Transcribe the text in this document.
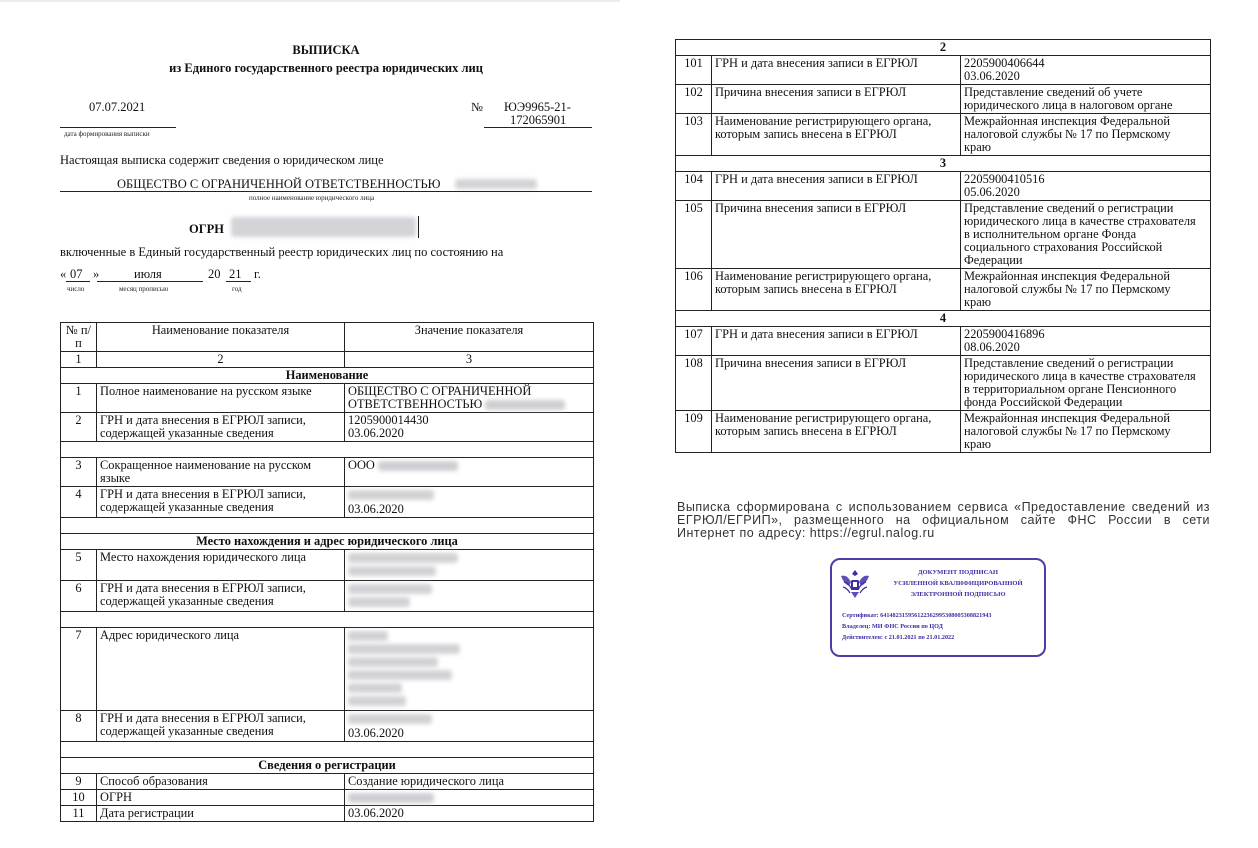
ВЫПИСКА
из Единого государственного реестра юридических лиц
07.07.2021
дата формирования выписки
№ ЮЭ9965-21-
172065901
Настоящая выписка содержит сведения о юридическом лице
ОБЩЕСТВО С ОГРАНИЧЕННОЙ ОТВЕТСТВЕННОСТЬЮ
полное наименование юридического лица
ОГРН
включенные в Единый государственный реестр юридических лиц по состоянию на
« 07 »	июля	20 21 г.
число	месяц прописью	год
№ п/п	Наименование показателя	Значение показателя
1	2	3
Наименование		
1	Полное наименование на русском языке	ОБЩЕСТВО С ОГРАНИЧЕННОЙ
ОТВЕТСТВЕННОСТЬЮ
2	ГРН и дата внесения в ЕГРЮЛ записи,
содержащей указанные сведения	1205900014430
03.06.2020

3	Сокращенное наименование на русском
языке	ООО
4	ГРН и дата внесения в ЕГРЮЛ записи,
содержащей указанные сведения	03.06.2020

Место нахождения и адрес юридического лица		
5	Место нахождения юридического лица	

6	ГРН и дата внесения в ЕГРЮЛ записи,
содержащей указанные сведения	

7	Адрес юридического лица	

8	ГРН и дата внесения в ЕГРЮЛ записи,
содержащей указанные сведения	03.06.2020

Сведения о регистрации		
9	Способ образования	Создание юридического лица
10	ОГРН	
11	Дата регистрации	03.06.2020
2		
101	ГРН и дата внесения записи в ЕГРЮЛ	2205900406644
03.06.2020
102	Причина внесения записи в ЕГРЮЛ	Представление сведений об учете
юридического лица в налоговом органе
103	Наименование регистрирующего органа,
которым запись внесена в ЕГРЮЛ	Межрайонная инспекция Федеральной
налоговой службы № 17 по Пермскому
краю
3		
104	ГРН и дата внесения записи в ЕГРЮЛ	2205900410516
05.06.2020
105	Причина внесения записи в ЕГРЮЛ	Представление сведений о регистрации
юридического лица в качестве страхователя
в исполнительном органе Фонда
социального страхования Российской
Федерации
106	Наименование регистрирующего органа,
которым запись внесена в ЕГРЮЛ	Межрайонная инспекция Федеральной
налоговой службы № 17 по Пермскому
краю
4		
107	ГРН и дата внесения записи в ЕГРЮЛ	2205900416896
08.06.2020
108	Причина внесения записи в ЕГРЮЛ	Представление сведений о регистрации
юридического лица в качестве страхователя
в территориальном органе Пенсионного
фонда Российской Федерации
109	Наименование регистрирующего органа,
которым запись внесена в ЕГРЮЛ	Межрайонная инспекция Федеральной
налоговой службы № 17 по Пермскому
краю
Выписка сформирована с использованием сервиса «Предоставление сведений из ЕГРЮЛ/ЕГРИП», размещенного на официальном сайте ФНС России в сети Интернет по адресу: https://egrul.nalog.ru
ДОКУМЕНТ ПОДПИСАН
УСИЛЕННОЙ КВАЛИФИЦИРОВАННОЙ
ЭЛЕКТРОННОЙ ПОДПИСЬЮ
Сертификат: 641482315956122362995308005308821943
Владелец: МИ ФНС России по ЦОД
Действителен: с 21.01.2021 по 21.01.2022
